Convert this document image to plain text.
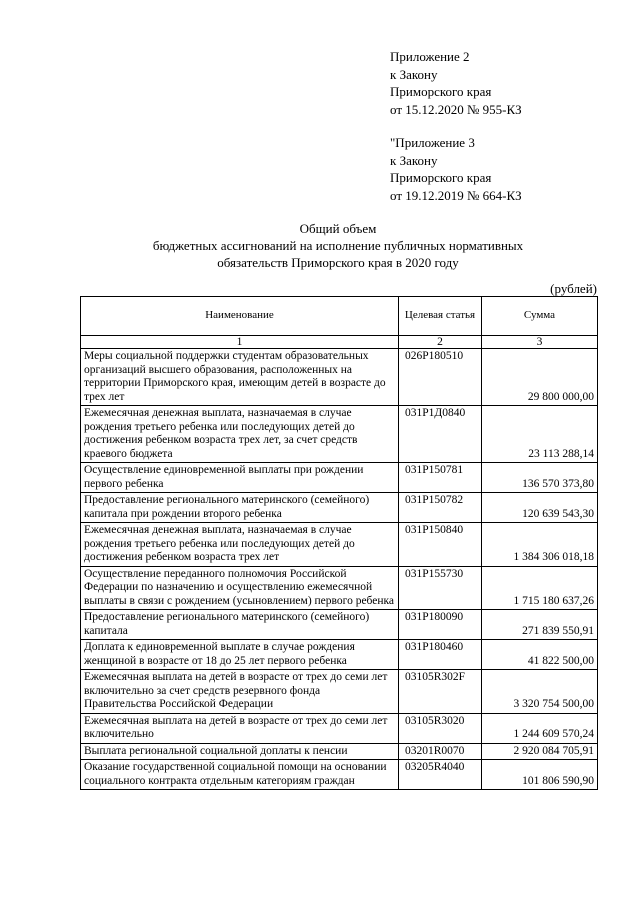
Приложение 2
к Закону
Приморского края
от 15.12.2020 № 955-КЗ
"Приложение 3
к Закону
Приморского края
от 19.12.2019 № 664-КЗ
Общий объем
бюджетных ассигнований на исполнение публичных нормативных
обязательств Приморского края в 2020 году
(рублей)
Наименование	Целевая статья	Сумма
1	2	3
Меры социальной поддержки студентам образовательных организаций высшего образования, расположенных на территории Приморского края, имеющим детей в возрасте до трех лет	026P180510	29 800 000,00
Ежемесячная денежная выплата, назначаемая в случае рождения третьего ребенка или последующих детей до достижения ребенком возраста трех лет, за счет средств краевого бюджета	031P1Д0840	23 113 288,14
Осуществление единовременной выплаты при рождении первого ребенка	031P150781	136 570 373,80
Предоставление регионального материнского (семейного) капитала при рождении второго ребенка	031P150782	120 639 543,30
Ежемесячная денежная выплата, назначаемая в случае рождения третьего ребенка или последующих детей до достижения ребенком возраста трех лет	031P150840	1 384 306 018,18
Осуществление переданного полномочия Российской Федерации по назначению и осуществлению ежемесячной выплаты в связи с рождением (усыновлением) первого ребенка	031P155730	1 715 180 637,26
Предоставление регионального материнского (семейного) капитала	031P180090	271 839 550,91
Доплата к единовременной выплате в случае рождения женщиной в возрасте от 18 до 25 лет первого ребенка	031P180460	41 822 500,00
Ежемесячная выплата на детей в возрасте от трех до семи лет включительно за счет средств резервного фонда Правительства Российской Федерации	03105R302F	3 320 754 500,00
Ежемесячная выплата на детей в возрасте от трех до семи лет включительно	03105R3020	1 244 609 570,24
Выплата региональной социальной доплаты к пенсии	03201R0070	2 920 084 705,91
Оказание государственной социальной помощи на основании социального контракта отдельным категориям граждан	03205R4040	101 806 590,90
